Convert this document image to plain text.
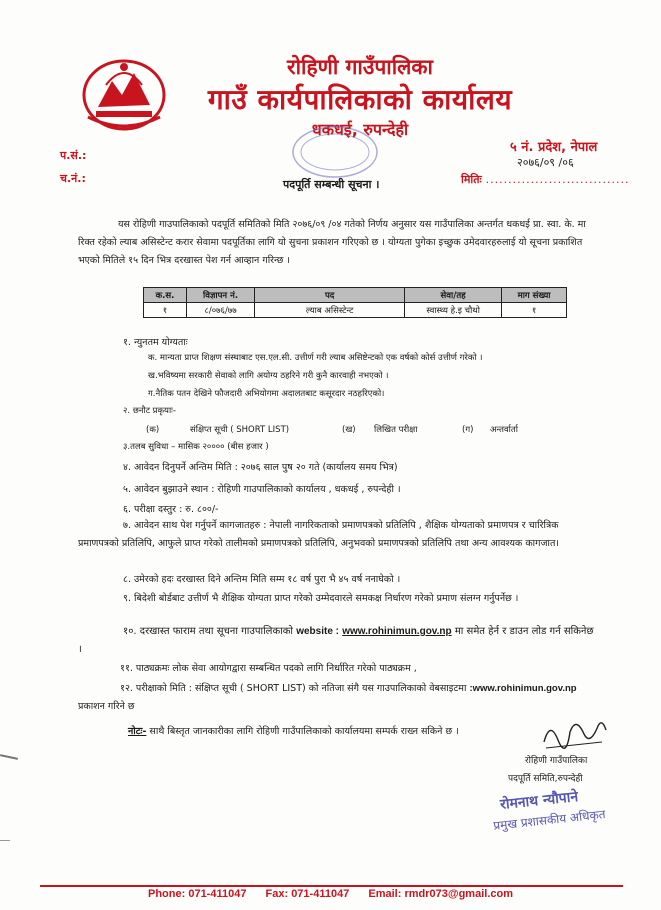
रोहिणी गाउँपालिका
गाउँ कार्यपालिकाको कार्यालय
धकधई, रुपन्देही
५ नं. प्रदेश, नेपाल
२०७६/०९ /०६
प.सं.:
च.नं.:	मितिः ................................
पदपूर्ति सम्बन्धी सूचना ।

यस रोहिणी गाउपालिकाको पदपूर्ति समितिको मिति २०७६/०९ /०४ गतेको निर्णय अनुसार यस गाउँपालिका अन्तर्गत धकधई प्रा. स्वा. के. मा रिक्त रहेको ल्याब असिस्टेन्ट करार सेवामा पदपूर्तिका लागि यो सुचना प्रकाशन गरिएको छ । योग्यता पुगेका इच्छुक उमेदवारहरुलाई यो सूचना प्रकाशित भएको मितिले १५ दिन भित्र दरखास्त पेश गर्न आव्हान गरिन्छ ।

क.स.	विज्ञापन नं.	पद	सेवा/तह	माग संख्या
१	८/०७६/७७	ल्याब असिस्टेन्ट	स्वास्थ्य हे.इ चौथो	१
१. न्युनतम योग्यताः
क. मान्यता प्राप्त शिक्षण संस्थाबाट एस.एल.सी. उत्तीर्ण गरी ल्याब असिष्टेन्टको एक वर्षको कोर्स उत्तीर्ण गरेको ।
ख.भविष्यमा सरकारी सेवाको लागि अयोग्य ठहरिने गरी कुनै कारवाही नभएको ।
ग.नैतिक पतन देखिने फौजदारी अभियोगमा अदालतबाट कसूरदार नठहरिएको।
२. छनौट प्रकृयाः-
(क)	संक्षिप्त सूची ( SHORT LIST)	(ख) लिखित परीक्षा	(ग) अन्तर्वार्ता
३.तलब सुविधा – मासिक २०००० (बीस हजार )
४. आवेदन दिनुपर्ने अन्तिम मिति : २०७६ साल पुष २० गते (कार्यालय समय भित्र)
५. आवेदन बुझाउने स्थान : रोहिणी गाउपालिकाको कार्यालय , धकधई , रुपन्देही ।
६. परीक्षा दस्तुर : रु. ८००/-
७. आवेदन साथ पेश गर्नुपर्ने कागजातहरु : नेपाली नागरिकताको प्रमाणपत्रको प्रतिलिपि , शैक्षिक योग्यताको प्रमाणपत्र र चारित्रिक प्रमाणपत्रको प्रतिलिपि, आफुले प्राप्त गरेको तालीमको प्रमाणपत्रको प्रतिलिपि, अनुभवको प्रमाणपत्रको प्रतिलिपि तथा अन्य आवश्यक कागजात।
८. उमेरको हदः दरखास्त दिने अन्तिम मिति सम्म १८ वर्ष पुरा भै ४५ वर्ष ननाघेको ।
९. बिदेशी बोर्डबाट उत्तीर्ण भै शैक्षिक योग्यता प्राप्त गरेको उम्मेदवारले समकक्ष निर्धारण गरेको प्रमाण संलग्न गर्नुपर्नेछ ।
१०. दरखास्त फाराम तथा सूचना गाउपालिकाको website : www.rohinimun.gov.np मा समेत हेर्न र डाउन लोड गर्न सकिनेछ ।
११. पाठ्यक्रमः लोक सेवा आयोगद्वारा सम्बन्धित पदको लागि निर्धारित गरेको पाठ्यक्रम ,
१२. परीक्षाको मिति : संक्षिप्त सूची ( SHORT LIST) को नतिजा संगै यस गाउपालिकाको वेबसाइटमा :www.rohinimun.gov.np प्रकाशन गरिने छ
नोटः- साथै बिस्तृत जानकारीका लागि रोहिणी गाउँपालिकाको कार्यालयमा सम्पर्क राख्न सकिने छ ।
रोहिणी गाउँपालिका
पदपूर्ति समिति,रुपन्देही
रोमनाथ न्यौपाने
प्रमुख प्रशासकीय अधिकृत
Phone: 071-411047 Fax: 071-411047 Email: rmdr073@gmail.com
